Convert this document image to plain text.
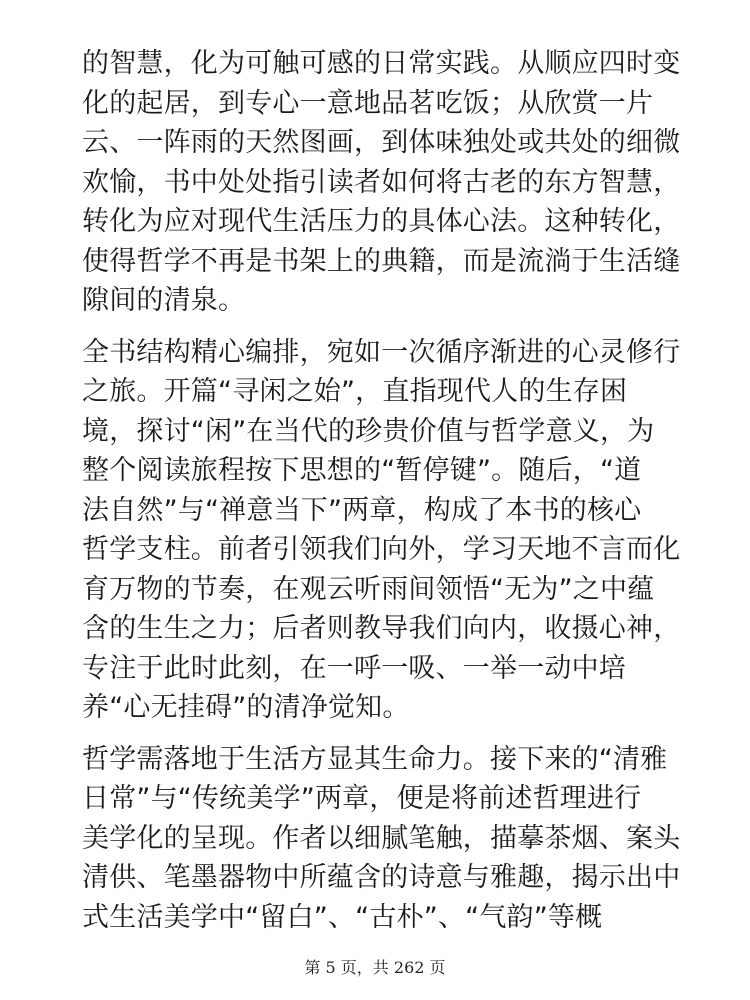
的智慧，化为可触可感的日常实践。从顺应四时变
化的起居，到专心一意地品茗吃饭；从欣赏一片
云、一阵雨的天然图画，到体味独处或共处的细微
欢愉，书中处处指引读者如何将古老的东方智慧，
转化为应对现代生活压力的具体心法。这种转化，
使得哲学不再是书架上的典籍，而是流淌于生活缝
隙间的清泉。

全书结构精心编排，宛如一次循序渐进的心灵修行
之旅。开篇“寻闲之始”，直指现代人的生存困
境，探讨“闲”在当代的珍贵价值与哲学意义，为
整个阅读旅程按下思想的“暂停键”。随后，“道
法自然”与“禅意当下”两章，构成了本书的核心
哲学支柱。前者引领我们向外，学习天地不言而化
育万物的节奏，在观云听雨间领悟“无为”之中蕴
含的生生之力；后者则教导我们向内，收摄心神，
专注于此时此刻，在一呼一吸、一举一动中培
养“心无挂碍”的清净觉知。

哲学需落地于生活方显其生命力。接下来的“清雅
日常”与“传统美学”两章，便是将前述哲理进行
美学化的呈现。作者以细腻笔触，描摹茶烟、案头
清供、笔墨器物中所蕴含的诗意与雅趣，揭示出中
式生活美学中“留白”、“古朴”、“气韵”等概

第 5 页，共 262 页
